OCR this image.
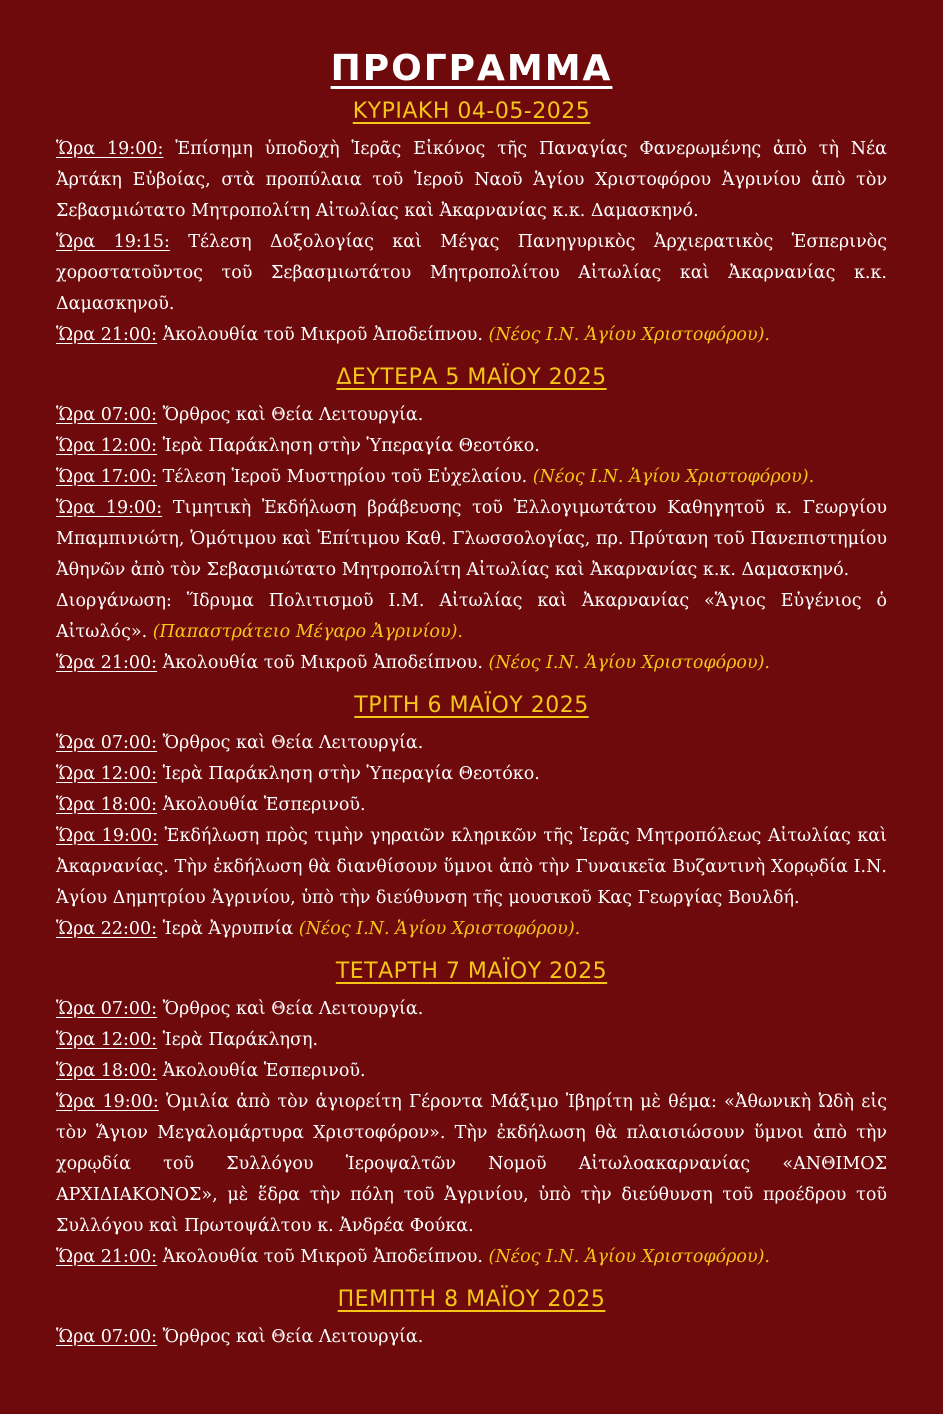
ΠΡΟΓΡΑΜΜΑ
ΚΥΡΙΑΚΗ 04-05-2025

Ὥρα 19:00: Ἐπίσημη ὑποδοχὴ Ἱερᾶς Εἰκόνος τῆς Παναγίας Φανερωμένης ἀπὸ τὴ Νέα Ἀρτάκη Εὐβοίας, στὰ προπύλαια τοῦ Ἱεροῦ Ναοῦ Ἁγίου Χριστοφόρου Ἀγρινίου ἀπὸ τὸν Σεβασμιώτατο Μητροπολίτη Αἰτωλίας καὶ Ἀκαρνανίας κ.κ. Δαμασκηνό.

Ὥρα 19:15: Τέλεση Δοξολογίας καὶ Μέγας Πανηγυρικὸς Ἀρχιερατικὸς Ἑσπερινὸς χοροστατοῦντος τοῦ Σεβασμιωτάτου Μητροπολίτου Αἰτωλίας καὶ Ἀκαρνανίας κ.κ. Δαμασκηνοῦ.

Ὥρα 21:00: Ἀκολουθία τοῦ Μικροῦ Ἀποδείπνου. (Νέος Ι.Ν. Ἁγίου Χριστοφόρου).

ΔΕΥΤΕΡΑ 5 ΜΑΪΟΥ 2025

Ὥρα 07:00: Ὄρθρος καὶ Θεία Λειτουργία.

Ὥρα 12:00: Ἱερὰ Παράκληση στὴν Ὑπεραγία Θεοτόκο.

Ὥρα 17:00: Τέλεση Ἱεροῦ Μυστηρίου τοῦ Εὐχελαίου. (Νέος Ι.Ν. Ἁγίου Χριστοφόρου).

Ὥρα 19:00: Τιμητικὴ Ἐκδήλωση βράβευσης τοῦ Ἐλλογιμωτάτου Καθηγητοῦ κ. Γεωργίου Μπαμπινιώτη, Ὁμότιμου καὶ Ἐπίτιμου Καθ. Γλωσσολογίας, πρ. Πρύτανη τοῦ Πανεπιστημίου Ἀθηνῶν ἀπὸ τὸν Σεβασμιώτατο Μητροπολίτη Αἰτωλίας καὶ Ἀκαρνανίας κ.κ. Δαμασκηνό.

Διοργάνωση: Ἵδρυμα Πολιτισμοῦ Ι.Μ. Αἰτωλίας καὶ Ἀκαρνανίας «Ἅγιος Εὐγένιος ὁ Αἰτωλός». (Παπαστράτειο Μέγαρο Ἀγρινίου).

Ὥρα 21:00: Ἀκολουθία τοῦ Μικροῦ Ἀποδείπνου. (Νέος Ι.Ν. Ἁγίου Χριστοφόρου).

ΤΡΙΤΗ 6 ΜΑΪΟΥ 2025

Ὥρα 07:00: Ὄρθρος καὶ Θεία Λειτουργία.

Ὥρα 12:00: Ἱερὰ Παράκληση στὴν Ὑπεραγία Θεοτόκο.

Ὥρα 18:00: Ἀκολουθία Ἑσπερινοῦ.

Ὥρα 19:00: Ἐκδήλωση πρὸς τιμὴν γηραιῶν κληρικῶν τῆς Ἱερᾶς Μητροπόλεως Αἰτωλίας καὶ Ἀκαρνανίας. Τὴν ἐκδήλωση θὰ διανθίσουν ὕμνοι ἀπὸ τὴν Γυναικεῖα Βυζαντινὴ Χορῳδία Ι.Ν. Ἁγίου Δημητρίου Ἀγρινίου, ὑπὸ τὴν διεύθυνση τῆς μουσικοῦ Κας Γεωργίας Βουλδή.

Ὥρα 22:00: Ἱερὰ Ἀγρυπνία (Νέος Ι.Ν. Ἁγίου Χριστοφόρου).

ΤΕΤΑΡΤΗ 7 ΜΑΪΟΥ 2025

Ὥρα 07:00: Ὄρθρος καὶ Θεία Λειτουργία.

Ὥρα 12:00: Ἱερὰ Παράκληση.

Ὥρα 18:00: Ἀκολουθία Ἑσπερινοῦ.

Ὥρα 19:00: Ὁμιλία ἀπὸ τὸν ἁγιορείτη Γέροντα Μάξιμο Ἰβηρίτη μὲ θέμα: «Ἀθωνικὴ Ὠδὴ εἰς τὸν Ἅγιον Μεγαλομάρτυρα Χριστοφόρον». Τὴν ἐκδήλωση θὰ πλαισιώσουν ὕμνοι ἀπὸ τὴν χορῳδία τοῦ Συλλόγου Ἱεροψαλτῶν Νομοῦ Αἰτωλοακαρνανίας «ΑΝΘΙΜΟΣ ΑΡΧΙΔΙΑΚΟΝΟΣ», μὲ ἕδρα τὴν πόλη τοῦ Ἀγρινίου, ὑπὸ τὴν διεύθυνση τοῦ προέδρου τοῦ Συλλόγου καὶ Πρωτοψάλτου κ. Ἀνδρέα Φούκα.

Ὥρα 21:00: Ἀκολουθία τοῦ Μικροῦ Ἀποδείπνου. (Νέος Ι.Ν. Ἁγίου Χριστοφόρου).

ΠΕΜΠΤΗ 8 ΜΑΪΟΥ 2025

Ὥρα 07:00: Ὄρθρος καὶ Θεία Λειτουργία.
